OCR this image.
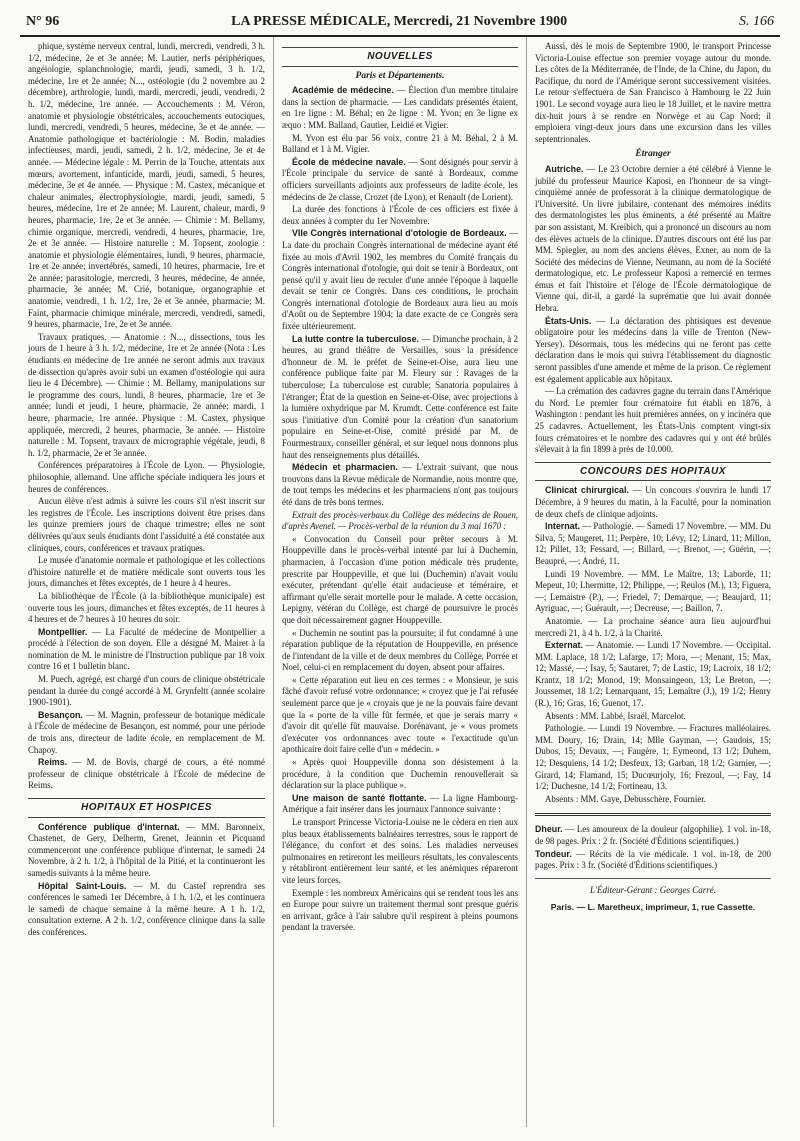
N° 96	LA PRESSE MÉDICALE, Mercredi, 21 Novembre 1900	S. 166

phique, système nerveux central, lundi, mercredi, vendredi, 3 h. 1/2, médecine, 2e et 3e année; M. Lautier, nerfs périphériques, angéiologie, splanchnologie, mardi, jeudi, samedi, 3 h. 1/2, médecine, 1re et 2e année; N..., ostéologie (du 2 novembre au 2 décembre), arthrologie, lundi, mardi, mercredi, jeudi, vendredi, 2 h. 1/2, médecine, 1re année. — Accouchements : M. Véron, anatomie et physiologie obstétricales, accouchements eutociques, lundi, mercredi, vendredi, 5 heures, médecine, 3e et 4e année. — Anatomie pathologique et bactériologie : M. Bodin, maladies infectieuses, mardi, jeudi, samedi, 2 h. 1/2, médecine, 3e et 4e année. — Médecine légale : M. Perrin de la Touche, attentats aux mœurs, avortement, infanticide, mardi, jeudi, samedi, 5 heures, médecine, 3e et 4e année. — Physique : M. Castex, mécanique et chaleur animales, électrophysiologie, mardi, jeudi, samedi, 5 heures, médecine, 1re et 2e année; M. Laurent, chaleur, mardi, 9 heures, pharmacie, 1re, 2e et 3e année. — Chimie : M. Bellamy, chimie organique, mercredi, vendredi, 4 heures, pharmacie, 1re, 2e et 3e année. — Histoire naturelle : M. Topsent, zoologie : anatomie et physiologie élémentaires, lundi, 9 heures, pharmacie, 1re et 2e année; invertébrés, samedi, 10 heures, pharmacie, 1re et 2e année; parasitologie, mercredi, 3 heures, médecine, 4e année, pharmacie, 3e année; M. Crié, botanique, organographie et anatomie, vendredi, 1 h. 1/2, 1re, 2e et 3e année, pharmacie; M. Faint, pharmacie chimique minérale, mercredi, vendredi, samedi, 9 heures, pharmacie, 1re, 2e et 3e année.

Travaux pratiques. — Anatomie : N..., dissections, tous les jours de 1 heure à 3 h. 1/2, médecine, 1re et 2e année (Nota : Les étudiants en médecine de 1re année ne seront admis aux travaux de dissection qu'après avoir subi un examen d'ostéologie qui aura lieu le 4 Décembre). — Chimie : M. Bellamy, manipulations sur le programme des cours, lundi, 8 heures, pharmacie, 1re et 3e année; lundi et jeudi, 1 heure, pharmacie, 2e année; mardi, 1 heure, pharmacie, 1re année. Physique : M. Castex, physique appliquée, mercredi, 2 heures, pharmacie, 3e année. — Histoire naturelle : M. Topsent, travaux de micrographie végétale, jeudi, 8 h. 1/2, pharmacie, 2e et 3e année.

Conférences préparatoires à l'École de Lyon. — Physiologie, philosophie, allemand. Une affiche spéciale indiquera les jours et heures de conférences.

Aucun élève n'est admis à suivre les cours s'il n'est inscrit sur les registres de l'École. Les inscriptions doivent être prises dans les quinze premiers jours de chaque trimestre; elles ne sont délivrées qu'aux seuls étudiants dont l'assiduité a été constatée aux cliniques, cours, conférences et travaux pratiques.

Le musée d'anatomie normale et pathologique et les collections d'histoire naturelle et de matière médicale sont ouverts tous les jours, dimanches et fêtes exceptés, de 1 heure à 4 heures.

La bibliothèque de l'École (à la bibliothèque municipale) est ouverte tous les jours, dimanches et fêtes exceptés, de 11 heures à 4 heures et de 7 heures à 10 heures du soir.

Montpellier. — La Faculté de médecine de Montpellier a procédé à l'élection de son doyen. Elle a désigné M. Mairet à la nomination de M. le ministre de l'Instruction publique par 18 voix contre 16 et 1 bulletin blanc.

M. Puech, agrégé, est chargé d'un cours de clinique obstétricale pendant la durée du congé accordé à M. Grynfeltt (année scolaire 1900-1901).

Besançon. — M. Magnin, professeur de botanique médicale à l'École de médecine de Besançon, est nommé, pour une période de trois ans, directeur de ladite école, en remplacement de M. Chapoy.

Reims. — M. de Bovis, chargé de cours, a été nommé professeur de clinique obstétricale à l'École de médecine de Reims.

HOPITAUX ET HOSPICES

Conférence publique d'internat. — MM. Baronneix, Chastenet, de Gery, Delherm, Grenet, Jeannin et Picquand commenceront une conférence publique d'internat, le samedi 24 Novembre, à 2 h. 1/2, à l'hôpital de la Pitié, et la continueront les samedis suivants à la même heure.

Hôpital Saint-Louis. — M. du Castel reprendra ses conférences le samedi 1er Décembre, à 1 h. 1/2, et les continuera le samedi de chaque semaine à la même heure. A 1 h. 1/2, consultation externe. A 2 h. 1/2, conférence clinique dans la salle des conférences.

NOUVELLES
Paris et Départements.

Académie de médecine. — Élection d'un membre titulaire dans la section de pharmacie. — Les candidats présentés étaient, en 1re ligne : M. Béhal; en 2e ligne : M. Yvon; en 3e ligne ex æquo : MM. Balland, Gautier, Leidié et Vigier.

M. Yvon est élu par 56 voix, contre 21 à M. Béhal, 2 à M. Balland et 1 à M. Vigier.

École de médecine navale. — Sont désignés pour servir à l'École principale du service de santé à Bordeaux, comme officiers surveillants adjoints aux professeurs de ladite école, les médecins de 2e classe, Crozet (de Lyon), et Renault (de Lorient).

La durée des fonctions à l'École de ces officiers est fixée à deux années à compter du 1er Novembre.

VIIe Congrès international d'otologie de Bordeaux. — La date du prochain Congrès international de médecine ayant été fixée au mois d'Avril 1902, les membres du Comité français du Congrès international d'otologie, qui doit se tenir à Bordeaux, ont pensé qu'il y avait lieu de reculer d'une année l'époque à laquelle devait se tenir ce Congrès. Dans ces conditions, le prochain Congrès international d'otologie de Bordeaux aura lieu au mois d'Août ou de Septembre 1904; la date exacte de ce Congrès sera fixée ultérieurement.

La lutte contre la tuberculose. — Dimanche prochain, à 2 heures, au grand théâtre de Versailles, sous la présidence d'honneur de M. le préfet de Seine-et-Oise, aura lieu une conférence publique faite par M. Fleury sur : Ravages de la tuberculose; La tuberculose est curable; Sanatoria populaires à l'étranger; État de la question en Seine-et-Oise, avec projections à la lumière oxhydrique par M. Krumdt. Cette conférence est faite sous l'initiative d'un Comité pour la création d'un sanatorium populaire en Seine-et-Oise, comité présidé par M. de Fourmestraux, conseiller général, et sur lequel nous donnons plus haut des renseignements plus détaillés.

Médecin et pharmacien. — L'extrait suivant, que nous trouvons dans la Revue médicale de Normandie, nous montre que, de tout temps les médecins et les pharmaciens n'ont pas toujours été dans de très bons termes.

Extrait des procès-verbaux du Collège des médecins de Rouen, d'après Avenel. — Procès-verbal de la réunion du 3 mai 1670 :

« Convocation du Conseil pour prêter secours à M. Houppeville dans le procès-verbal intenté par lui à Duchemin, pharmacien, à l'occasion d'une potion médicale très prudente, prescrite par Houppeville, et que lui (Duchemin) n'avait voulu exécuter, prétendant qu'elle était audacieuse et téméraire, et affirmant qu'elle serait mortelle pour le malade. A cette occasion, Lepigny, vétéran du Collège, est chargé de poursuivre le procès que doit nécessairement gagner Houppeville.

« Duchemin ne soutint pas la poursuite; il fut condamné à une réparation publique de la réputation de Houppeville, en présence de l'intendant de la ville et de deux membres du Collège, Porrée et Noel, celui-ci en remplacement du doyen, absent pour affaires.

« Cette réparation eut lieu en ces termes : « Monsieur, je suis fâché d'avoir refusé votre ordonnance; « croyez que je l'ai refusée seulement parce que je « croyais que je ne la pouvais faire devant que la « porte de la ville fût fermée, et que je serais marry « d'avoir dit qu'elle fût mauvaise. Dorénavant, je « vous promets d'exécuter vos ordonnances avec toute « l'exactitude qu'un apothicaire doit faire celle d'un « médecin. »

« Après quoi Houppeville donna son désistement à la procédure, à la condition que Duchemin renouvellerait sa déclaration sur la place publique ».

Une maison de santé flottante. — La ligne Hambourg-Amérique a fait insérer dans les journaux l'annonce suivante :

Le transport Princesse Victoria-Louise ne le cèdera en rien aux plus beaux établissements balnéaires terrestres, sous le rapport de l'élégance, du confort et des soins. Les maladies nerveuses pulmonaires en retireront les meilleurs résultats, les convalescents y rétabliront entièrement leur santé, et les anémiques répareront vite leurs forces.

Exemple : les nombreux Américains qui se rendent tous les ans en Europe pour suivre un traitement thermal sont presque guéris en arrivant, grâce à l'air salubre qu'il respirent à pleins poumons pendant la traversée.

Aussi, dès le mois de Septembre 1900, le transport Princesse Victoria-Louise effectue son premier voyage autour du monde. Les côtes de la Méditerranée, de l'Inde, de la Chine, du Japon, du Pacifique, du nord de l'Amérique seront successivement visitées. Le retour s'effectuera de San Francisco à Hambourg le 22 Juin 1901. Le second voyage aura lieu le 18 Juillet, et le navire mettra dix-huit jours à se rendre en Norwège et au Cap Nord; il emploiera vingt-deux jours dans une excursion dans les villes septentrionales.

Étranger

Autriche. — Le 23 Octobre dernier a été célébré à Vienne le jubilé du professeur Maurice Kaposi, en l'honneur de sa vingt-cinquième année de professorat à la clinique dermatologique de l'Université. Un livre jubilaire, contenant des mémoires inédits des dermatologistes les plus éminents, a été présenté au Maître par son assistant, M. Kreibich, qui a prononcé un discours au nom des élèves actuels de la clinique. D'autres discours ont été lus par MM. Spiegler, au nom des anciens élèves, Exner, au nom de la Société des médecins de Vienne, Neumann, au nom de la Société dermatologique, etc. Le professeur Kaposi a remercié en termes émus et fait l'histoire et l'éloge de l'École dermatologique de Vienne qui, dit-il, a gardé la suprématie que lui avait donnée Hebra.

États-Unis. — La déclaration des phtisiques est devenue obligatoire pour les médecins dans la ville de Trenton (New-Yersey). Désormais, tous les médecins qui ne feront pas cette déclaration dans le mois qui suivra l'établissement du diagnostic seront passibles d'une amende et même de la prison. Ce règlement est également applicable aux hôpitaux.

— La crémation des cadavres gagne du terrain dans l'Amérique du Nord. Le premier four crématoire fut établi en 1876, à Washington : pendant les huit premières années, on y incinéra que 25 cadavres. Actuellement, les États-Unis comptent vingt-six fours crématoires et le nombre des cadavres qui y ont été brûlés s'élevait à la fin 1899 à près de 10.000.

CONCOURS DES HOPITAUX

Clinicat chirurgical. — Un concours s'ouvrira le lundi 17 Décembre, à 9 heures du matin, à la Faculté, pour la nomination de deux chefs de clinique adjoints.

Internat. — Pathologie. — Samedi 17 Novembre. — MM. Du Silva, 5; Maugeret, 11; Perpère, 10; Lévy, 12; Linard, 11; Millon, 12; Pillet, 13; Fessard, —; Billard, —; Brenot, —; Guérin, —; Beaupré, —; André, 11.

Lundi 19 Novembre. — MM. Le Maître, 13; Laborde, 11; Mepeut, 10; Lhermitte, 12; Philippe, —; Reulos (M.), 13; Figuera, —; Lemaistre (P.), —; Friedel, 7; Demarque, —; Beaujard, 11; Ayriguac, —; Guérault, —; Decreuse, —; Baillon, 7.

Anatomie. — La prochaine séance aura lieu aujourd'hui mercredi 21, à 4 h. 1/2, à la Charité.

Externat. — Anatomie. — Lundi 17 Novembre. — Occipital. MM. Laplace, 18 1/2; Lafarge, 17; Mora, —; Menant, 15; Max, 12; Massé, —; Isay, 5; Sautaret, 7; de Lastic, 19; Lacroix, 18 1/2; Krantz, 18 1/2; Monod, 19; Monsaingeon, 13; Le Breton, —; Joussemet, 18 1/2; Lemarquant, 15; Lemaître (J.), 19 1/2; Henry (R.), 16; Gras, 16; Guenot, 17.

Absents : MM. Labbé, Israël, Marcelot.

Pathologie. — Lundi 19 Novembre. — Fractures malléolaires. MM. Doury, 16; Drain, 14; Mlle Gayman, —; Gaudois, 15; Dubos, 15; Devaux, —; Faugère, 1; Eymeond, 13 1/2; Duhem, 12; Desquiens, 14 1/2; Desfeux, 13; Garban, 18 1/2; Garnier, —; Girard, 14; Flamand, 15; Ducœurjoly, 16; Frezoul, —; Fay, 14 1/2; Duchesne, 14 1/2; Fortineau, 13.

Absents : MM. Gaye, Debusschère, Fournier.

Dheur. — Les amoureux de la douleur (algophilie). 1 vol. in-18, de 98 pages. Prix : 2 fr. (Société d'Éditions scientifiques.)

Tondeur. — Récits de la vie médicale. 1 vol. in-18, de 200 pages. Prix : 3 fr. (Société d'Éditions scientifiques.)

L'Éditeur-Gérant : Georges Carré.
Paris. — L. Maretheux, imprimeur, 1, rue Cassette.
